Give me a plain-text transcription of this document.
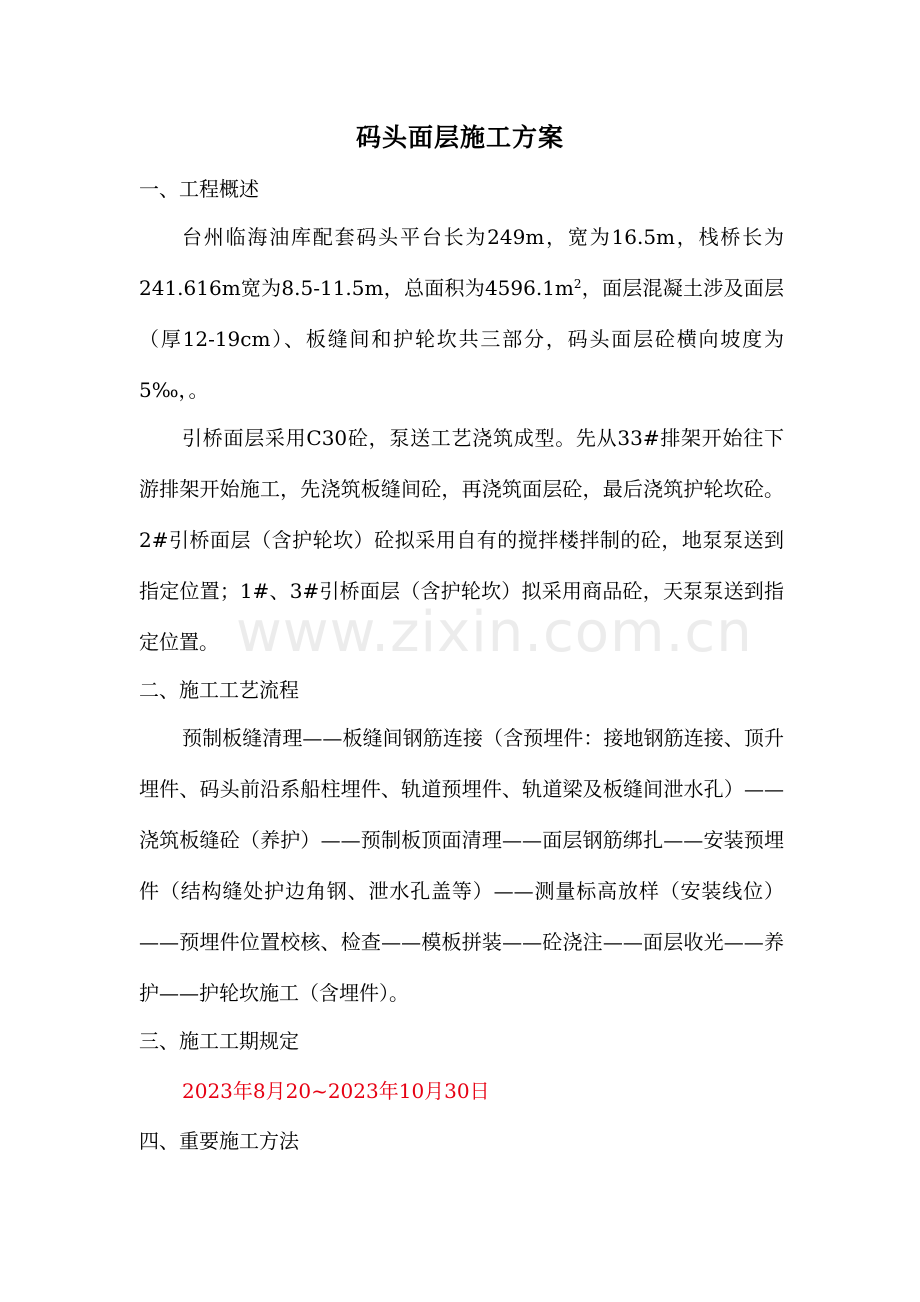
码头面层施工方案
一、工程概述

台州临海油库配套码头平台长为249m，宽为16.5m，栈桥长为241.616m宽为8.5-11.5m，总面积为$4596.1m^2$，面层混凝土涉及面层（厚12-19cm）、板缝间和护轮坎共三部分，码头面层砼横向坡度为5‰，。

引桥面层采用C30砼，泵送工艺浇筑成型。先从33#排架开始往下游排架开始施工，先浇筑板缝间砼，再浇筑面层砼，最后浇筑护轮坎砼。2#引桥面层（含护轮坎）砼拟采用自有的搅拌楼拌制的砼，地泵泵送到指定位置；1#、3#引桥面层（含护轮坎）拟采用商品砼，天泵泵送到指定位置。

二、施工工艺流程

预制板缝清理——板缝间钢筋连接（含预埋件：接地钢筋连接、顶升埋件、码头前沿系船柱埋件、轨道预埋件、轨道梁及板缝间泄水孔）——浇筑板缝砼（养护）——预制板顶面清理——面层钢筋绑扎——安装预埋件（结构缝处护边角钢、泄水孔盖等）——测量标高放样（安装线位）——预埋件位置校核、检查——模板拼装——砼浇注——面层收光——养护——护轮坎施工（含埋件）。

三、施工工期规定
2023年8月20~2023年10月30日
四、重要施工方法
www.zixin.com.cn
